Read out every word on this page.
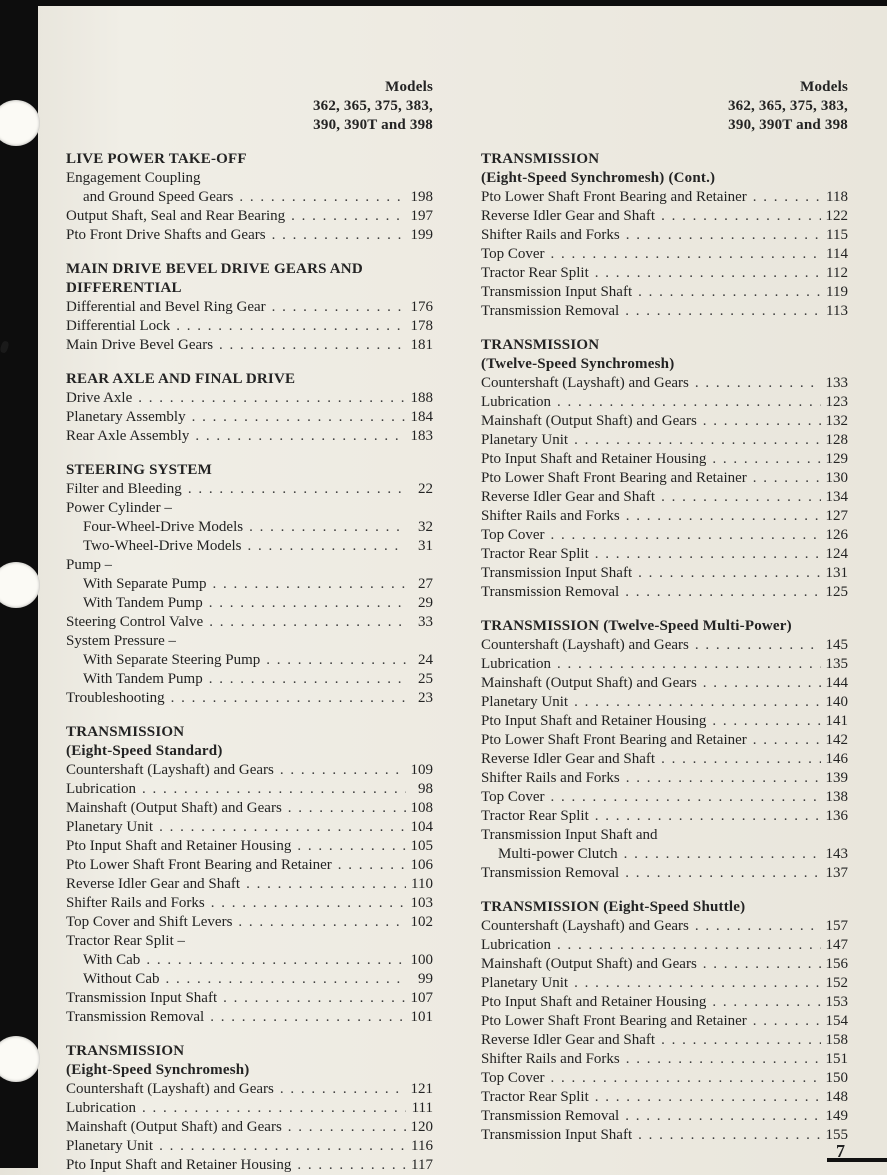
Models
362, 365, 375, 383,
390, 390T and 398
LIVE POWER TAKE-OFF
Engagement Coupling
and Ground Speed Gears . . .	198
Output Shaft, Seal and Rear Bearing . . .	197
Pto Front Drive Shafts and Gears . . .	199
MAIN DRIVE BEVEL DRIVE GEARS AND
DIFFERENTIAL
Differential and Bevel Ring Gear . . .	176
Differential Lock . . .	178
Main Drive Bevel Gears . . .	181
REAR AXLE AND FINAL DRIVE
Drive Axle . . .	188
Planetary Assembly . . .	184
Rear Axle Assembly . . .	183
STEERING SYSTEM
Filter and Bleeding . . .	22
Power Cylinder –
Four-Wheel-Drive Models . . .	32
Two-Wheel-Drive Models . . .	31
Pump –
With Separate Pump . . .	27
With Tandem Pump . . .	29
Steering Control Valve . . .	33
System Pressure –
With Separate Steering Pump . . .	24
With Tandem Pump . . .	25
Troubleshooting . . .	23
TRANSMISSION
(Eight-Speed Standard)
Countershaft (Layshaft) and Gears . . .	109
Lubrication . . .	98
Mainshaft (Output Shaft) and Gears . . .	108
Planetary Unit . . .	104
Pto Input Shaft and Retainer Housing . . .	105
Pto Lower Shaft Front Bearing and Retainer . . .	106
Reverse Idler Gear and Shaft . . .	110
Shifter Rails and Forks . . .	103
Top Cover and Shift Levers . . .	102
Tractor Rear Split –
With Cab . . .	100
Without Cab . . .	99
Transmission Input Shaft . . .	107
Transmission Removal . . .	101
TRANSMISSION
(Eight-Speed Synchromesh)
Countershaft (Layshaft) and Gears . . .	121
Lubrication . . .	111
Mainshaft (Output Shaft) and Gears . . .	120
Planetary Unit . . .	116
Pto Input Shaft and Retainer Housing . . .	117
Models
362, 365, 375, 383,
390, 390T and 398
TRANSMISSION
(Eight-Speed Synchromesh) (Cont.)
Pto Lower Shaft Front Bearing and Retainer . . .	118
Reverse Idler Gear and Shaft . . .	122
Shifter Rails and Forks . . .	115
Top Cover . . .	114
Tractor Rear Split . . .	112
Transmission Input Shaft . . .	119
Transmission Removal . . .	113
TRANSMISSION
(Twelve-Speed Synchromesh)
Countershaft (Layshaft) and Gears . . .	133
Lubrication . . .	123
Mainshaft (Output Shaft) and Gears . . .	132
Planetary Unit . . .	128
Pto Input Shaft and Retainer Housing . . .	129
Pto Lower Shaft Front Bearing and Retainer . . .	130
Reverse Idler Gear and Shaft . . .	134
Shifter Rails and Forks . . .	127
Top Cover . . .	126
Tractor Rear Split . . .	124
Transmission Input Shaft . . .	131
Transmission Removal . . .	125
TRANSMISSION (Twelve-Speed Multi-Power)
Countershaft (Layshaft) and Gears . . .	145
Lubrication . . .	135
Mainshaft (Output Shaft) and Gears . . .	144
Planetary Unit . . .	140
Pto Input Shaft and Retainer Housing . . .	141
Pto Lower Shaft Front Bearing and Retainer . . .	142
Reverse Idler Gear and Shaft . . .	146
Shifter Rails and Forks . . .	139
Top Cover . . .	138
Tractor Rear Split . . .	136
Transmission Input Shaft and
Multi-power Clutch . . .	143
Transmission Removal . . .	137
TRANSMISSION (Eight-Speed Shuttle)
Countershaft (Layshaft) and Gears . . .	157
Lubrication . . .	147
Mainshaft (Output Shaft) and Gears . . .	156
Planetary Unit . . .	152
Pto Input Shaft and Retainer Housing . . .	153
Pto Lower Shaft Front Bearing and Retainer . . .	154
Reverse Idler Gear and Shaft . . .	158
Shifter Rails and Forks . . .	151
Top Cover . . .	150
Tractor Rear Split . . .	148
Transmission Removal . . .	149
Transmission Input Shaft . . .	155
7
